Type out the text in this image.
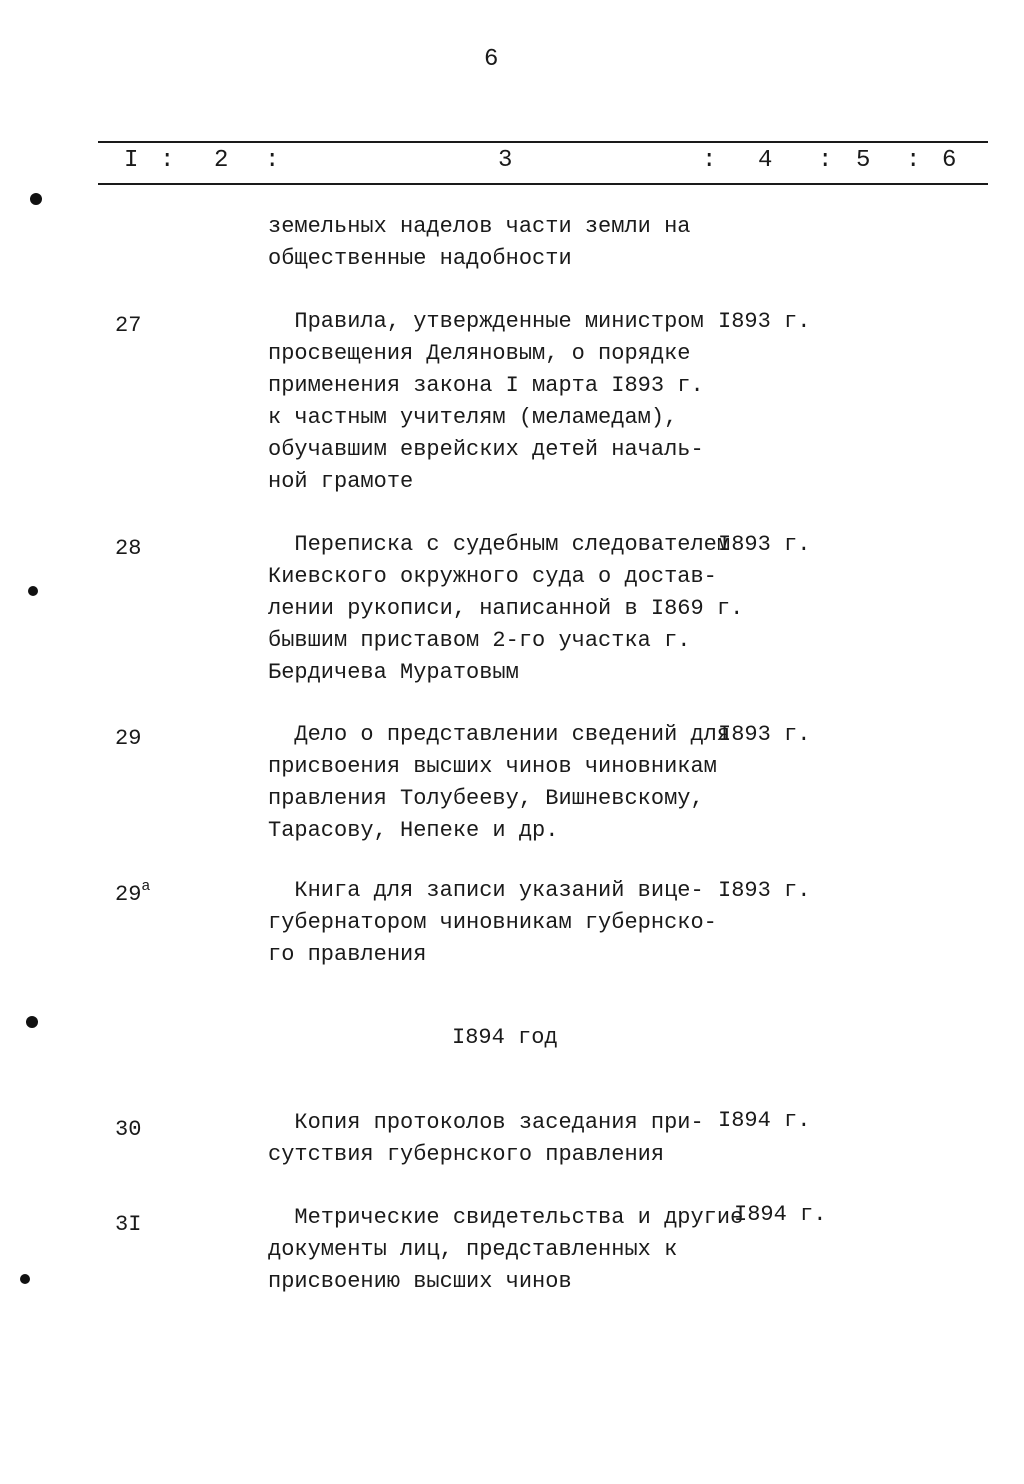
6
I : 2 :	3	: 4 : 5 : 6
земельных наделов части земли на
общественные надобности
27	Правила, утвержденные министром
просвещения Деляновым, о порядке
применения закона I марта I893 г.
к частным учителям (меламедам),
обучавшим еврейских детей началь-
ной грамоте
I893 г.
28	Переписка с судебным следователем
Киевского окружного суда о достав-
лении рукописи, написанной в I869 г.
бывшим приставом 2-го участка г.
Бердичева Муратовым
I893 г.
29	Дело о представлении сведений для
присвоения высших чинов чиновникам
правления Толубееву, Вишневскому,
Тарасову, Непеке и др.
I893 г.
$29^а$	Книга для записи указаний вице-
губернатором чиновникам губернско-
го правления
I893 г.
I894 год
30	Копия протоколов заседания при-
сутствия губернского правления
I894 г.
3I	Метрические свидетельства и другие
документы лиц, представленных к
присвоению высших чинов
I894 г.
